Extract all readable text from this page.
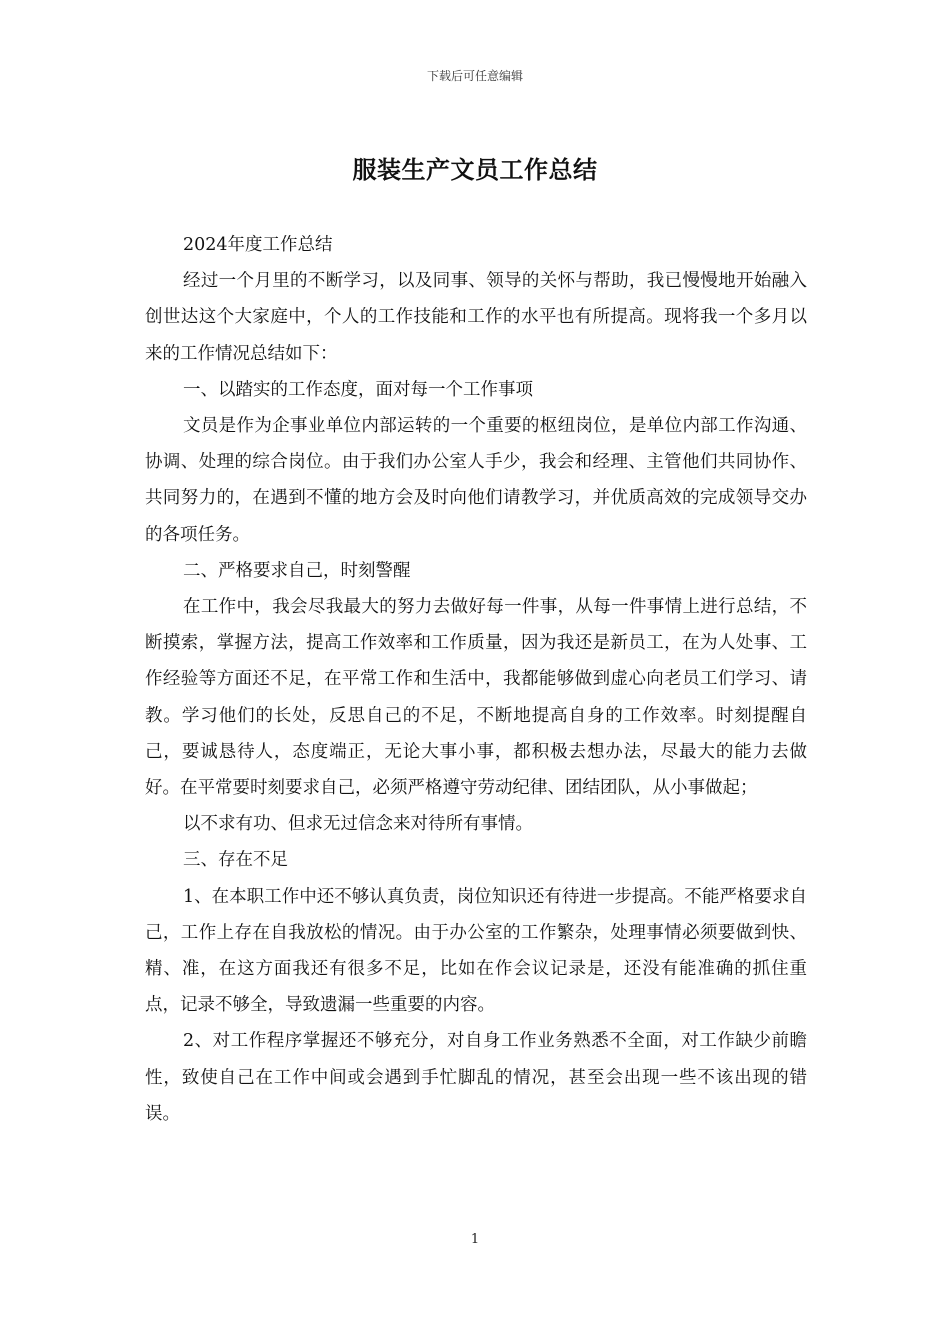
下载后可任意编辑
服装生产文员工作总结

2024年度工作总结

经过一个月里的不断学习，以及同事、领导的关怀与帮助，我已慢慢地开始融入创世达这个大家庭中，个人的工作技能和工作的水平也有所提高。现将我一个多月以来的工作情况总结如下：

一、以踏实的工作态度，面对每一个工作事项

文员是作为企事业单位内部运转的一个重要的枢纽岗位，是单位内部工作沟通、协调、处理的综合岗位。由于我们办公室人手少，我会和经理、主管他们共同协作、共同努力的，在遇到不懂的地方会及时向他们请教学习，并优质高效的完成领导交办的各项任务。

二、严格要求自己，时刻警醒

在工作中，我会尽我最大的努力去做好每一件事，从每一件事情上进行总结，不断摸索，掌握方法，提高工作效率和工作质量，因为我还是新员工，在为人处事、工作经验等方面还不足，在平常工作和生活中，我都能够做到虚心向老员工们学习、请教。学习他们的长处，反思自己的不足，不断地提高自身的工作效率。时刻提醒自己，要诚恳待人，态度端正，无论大事小事，都积极去想办法，尽最大的能力去做好。在平常要时刻要求自己，必须严格遵守劳动纪律、团结团队，从小事做起；

以不求有功、但求无过信念来对待所有事情。

三、存在不足

1、在本职工作中还不够认真负责，岗位知识还有待进一步提高。不能严格要求自己，工作上存在自我放松的情况。由于办公室的工作繁杂，处理事情必须要做到快、精、准，在这方面我还有很多不足，比如在作会议记录是，还没有能准确的抓住重点，记录不够全，导致遗漏一些重要的内容。

2、对工作程序掌握还不够充分，对自身工作业务熟悉不全面，对工作缺少前瞻性，致使自己在工作中间或会遇到手忙脚乱的情况，甚至会出现一些不该出现的错误。

1
